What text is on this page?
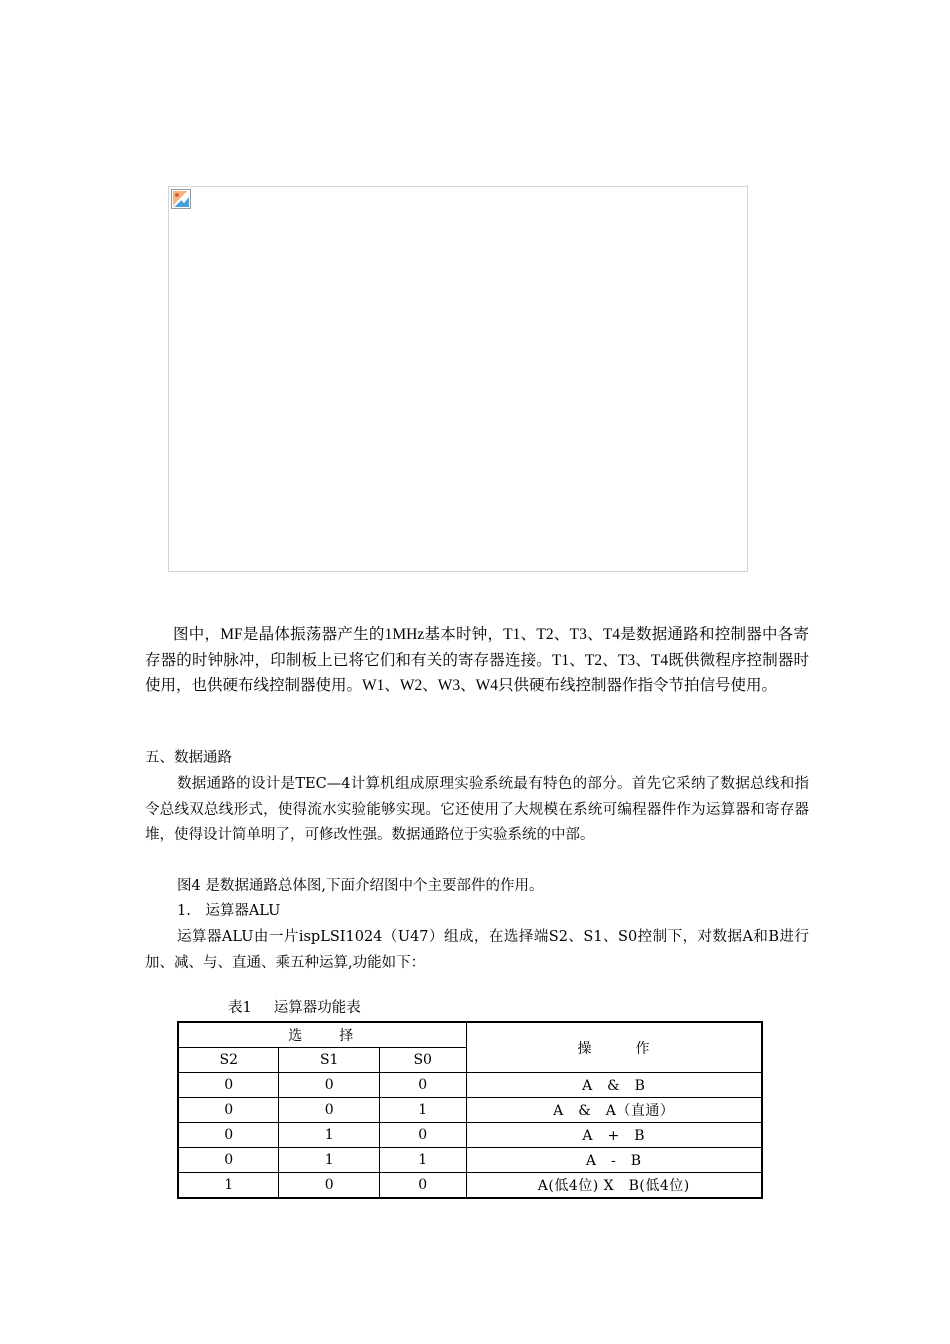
图中，MF是晶体振荡器产生的1MHz基本时钟，T1、T2、T3、T4是数据通路和控制器中各寄存器的时钟脉冲，印制板上已将它们和有关的寄存器连接。T1、T2、T3、T4既供微程序控制器时使用，也供硬布线控制器使用。W1、W2、W3、W4只供硬布线控制器作指令节拍信号使用。

五、数据通路

数据通路的设计是TEC—4计算机组成原理实验系统最有特色的部分。首先它采纳了数据总线和指令总线双总线形式，使得流水实验能够实现。它还使用了大规模在系统可编程器件作为运算器和寄存器堆，使得设计简单明了，可修改性强。数据通路位于实验系统的中部。

图4 是数据通路总体图,下面介绍图中个主要部件的作用。

1.　运算器ALU

运算器ALU由一片ispLSI1024（U47）组成，在选择端S2、S1、S0控制下，对数据A和B进行加、减、与、直通、乘五种运算,功能如下：

表1 运算器功能表
选　　择			操　　　作
S2	S1	S0	
0	0	0	A　&　B
0	0	1	A　&　A（直通）
0	1	0	A　+　B
0	1	1	A　-　B
1	0	0	A(低4位) X　B(低4位)
